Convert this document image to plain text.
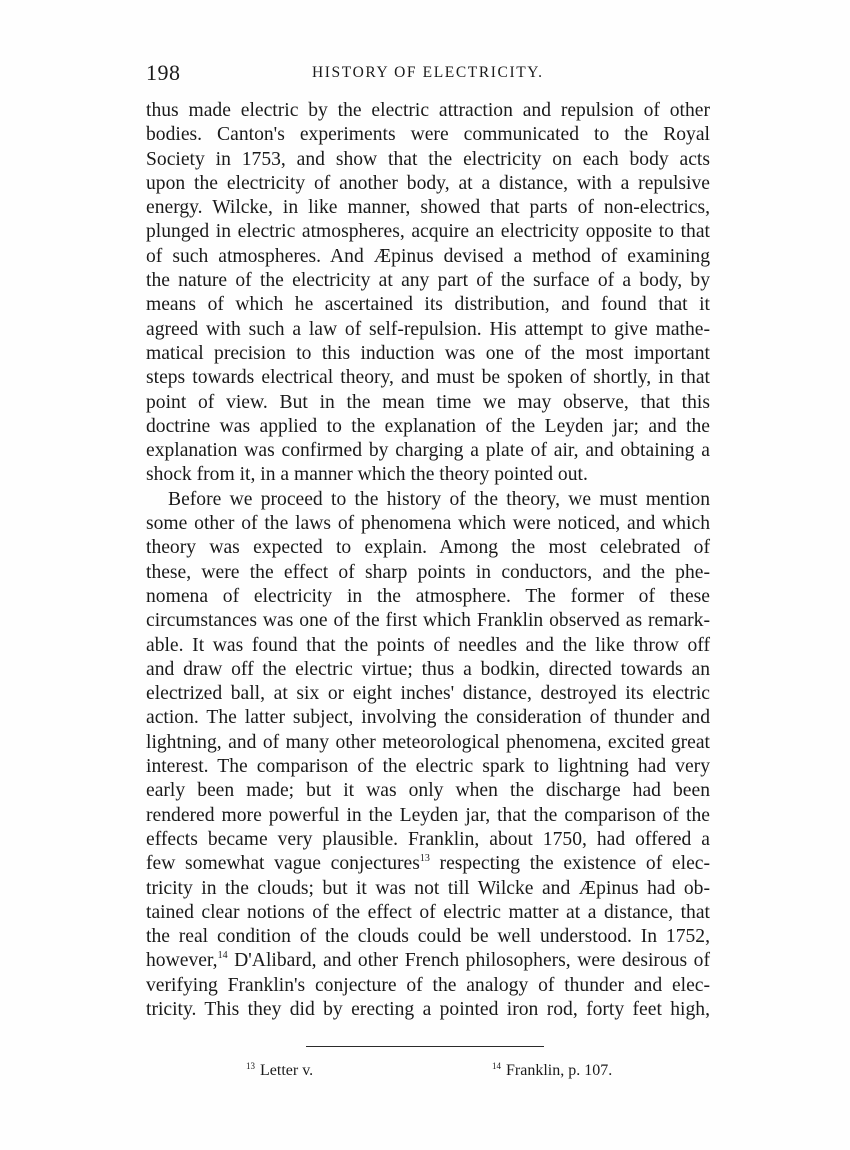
198	HISTORY OF ELECTRICITY.
thus made electric by the electric attraction and repulsion of other
bodies. Canton's experiments were communicated to the Royal
Society in 1753, and show that the electricity on each body acts
upon the electricity of another body, at a distance, with a repulsive
energy. Wilcke, in like manner, showed that parts of non-electrics,
plunged in electric atmospheres, acquire an electricity opposite to that
of such atmospheres. And Æpinus devised a method of examining
the nature of the electricity at any part of the surface of a body, by
means of which he ascertained its distribution, and found that it
agreed with such a law of self-repulsion. His attempt to give mathe-
matical precision to this induction was one of the most important
steps towards electrical theory, and must be spoken of shortly, in that
point of view. But in the mean time we may observe, that this
doctrine was applied to the explanation of the Leyden jar; and the
explanation was confirmed by charging a plate of air, and obtaining a
shock from it, in a manner which the theory pointed out.
Before we proceed to the history of the theory, we must mention
some other of the laws of phenomena which were noticed, and which
theory was expected to explain. Among the most celebrated of
these, were the effect of sharp points in conductors, and the phe-
nomena of electricity in the atmosphere. The former of these
circumstances was one of the first which Franklin observed as remark-
able. It was found that the points of needles and the like throw off
and draw off the electric virtue; thus a bodkin, directed towards an
electrized ball, at six or eight inches' distance, destroyed its electric
action. The latter subject, involving the consideration of thunder and
lightning, and of many other meteorological phenomena, excited great
interest. The comparison of the electric spark to lightning had very
early been made; but it was only when the discharge had been
rendered more powerful in the Leyden jar, that the comparison of the
effects became very plausible. Franklin, about 1750, had offered a
few somewhat vague conjectures$^{13}$ respecting the existence of elec-
tricity in the clouds; but it was not till Wilcke and Æpinus had ob-
tained clear notions of the effect of electric matter at a distance, that
the real condition of the clouds could be well understood. In 1752,
however,$^{14}$ D'Alibard, and other French philosophers, were desirous of
verifying Franklin's conjecture of the analogy of thunder and elec-
tricity. This they did by erecting a pointed iron rod, forty feet high,
$^{13}$ Letter v.	$^{14}$ Franklin, p. 107.
